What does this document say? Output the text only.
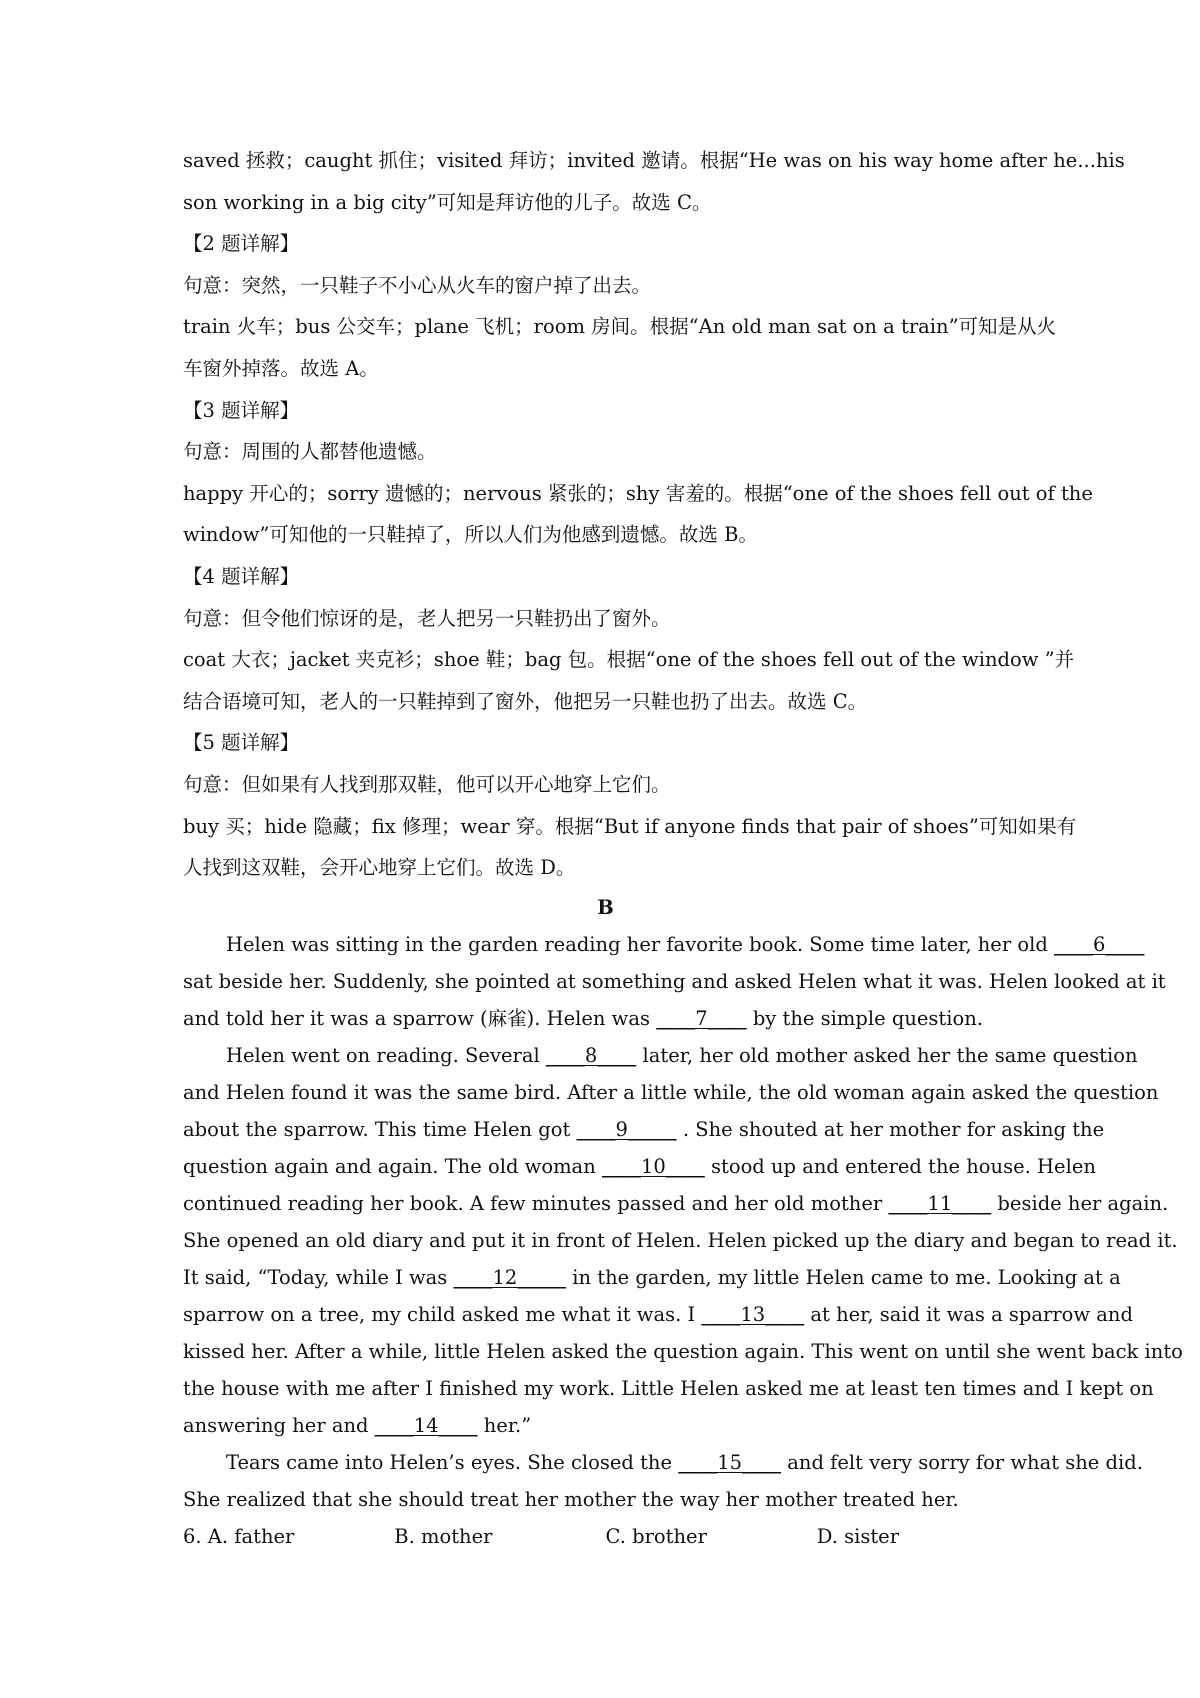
saved 拯救；caught 抓住；visited 拜访；invited 邀请。根据“He was on his way home after he...his
son working in a big city”可知是拜访他的儿子。故选 C。
【2 题详解】
句意：突然，一只鞋子不小心从火车的窗户掉了出去。
train 火车；bus 公交车；plane 飞机；room 房间。根据“An old man sat on a train”可知是从火
车窗外掉落。故选 A。
【3 题详解】
句意：周围的人都替他遗憾。
happy 开心的；sorry 遗憾的；nervous 紧张的；shy 害羞的。根据“one of the shoes fell out of the
window”可知他的一只鞋掉了，所以人们为他感到遗憾。故选 B。
【4 题详解】
句意：但令他们惊讶的是，老人把另一只鞋扔出了窗外。
coat 大衣；jacket 夹克衫；shoe 鞋；bag 包。根据“one of the shoes fell out of the window ”并
结合语境可知，老人的一只鞋掉到了窗外，他把另一只鞋也扔了出去。故选 C。
【5 题详解】
句意：但如果有人找到那双鞋，他可以开心地穿上它们。
buy 买；hide 隐藏；fix 修理；wear 穿。根据“But if anyone finds that pair of shoes”可知如果有
人找到这双鞋，会开心地穿上它们。故选 D。
B
Helen was sitting in the garden reading her favorite book. Some time later, her old ____6____
sat beside her. Suddenly, she pointed at something and asked Helen what it was. Helen looked at it
and told her it was a sparrow (麻雀). Helen was ____7____ by the simple question.
Helen went on reading. Several ____8____ later, her old mother asked her the same question
and Helen found it was the same bird. After a little while, the old woman again asked the question
about the sparrow. This time Helen got ____9_____ . She shouted at her mother for asking the
question again and again. The old woman ____10____ stood up and entered the house. Helen
continued reading her book. A few minutes passed and her old mother ____11____ beside her again.
She opened an old diary and put it in front of Helen. Helen picked up the diary and began to read it.
It said, “Today, while I was ____12_____ in the garden, my little Helen came to me. Looking at a
sparrow on a tree, my child asked me what it was. I ____13____ at her, said it was a sparrow and
kissed her. After a while, little Helen asked the question again. This went on until she went back into
the house with me after I finished my work. Little Helen asked me at least ten times and I kept on
answering her and ____14____ her.”
Tears came into Helen’s eyes. She closed the ____15____ and felt very sorry for what she did.
She realized that she should treat her mother the way her mother treated her.
6. A. father	B. mother	C. brother	D. sister
